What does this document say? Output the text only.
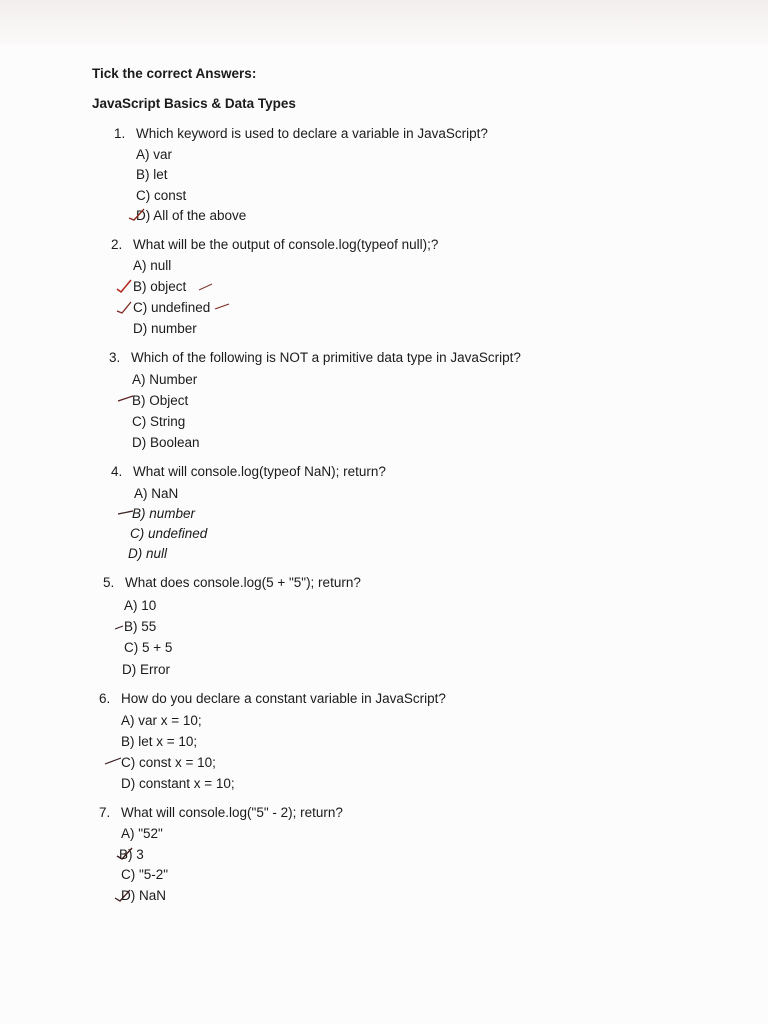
Tick the correct Answers:
JavaScript Basics & Data Types
1. Which keyword is used to declare a variable in JavaScript?
A) var
B) let
C) const
D) All of the above
2. What will be the output of console.log(typeof null);?
A) null
B) object
C) undefined
D) number
3. Which of the following is NOT a primitive data type in JavaScript?
A) Number
B) Object
C) String
D) Boolean
4. What will console.log(typeof NaN); return?
A) NaN
B) number
C) undefined
D) null
5. What does console.log(5 + "5"); return?
A) 10
B) 55
C) 5 + 5
D) Error
6. How do you declare a constant variable in JavaScript?
A) var x = 10;
B) let x = 10;
C) const x = 10;
D) constant x = 10;
7. What will console.log("5" - 2); return?
A) "52"
B) 3
C) "5-2"
D) NaN
